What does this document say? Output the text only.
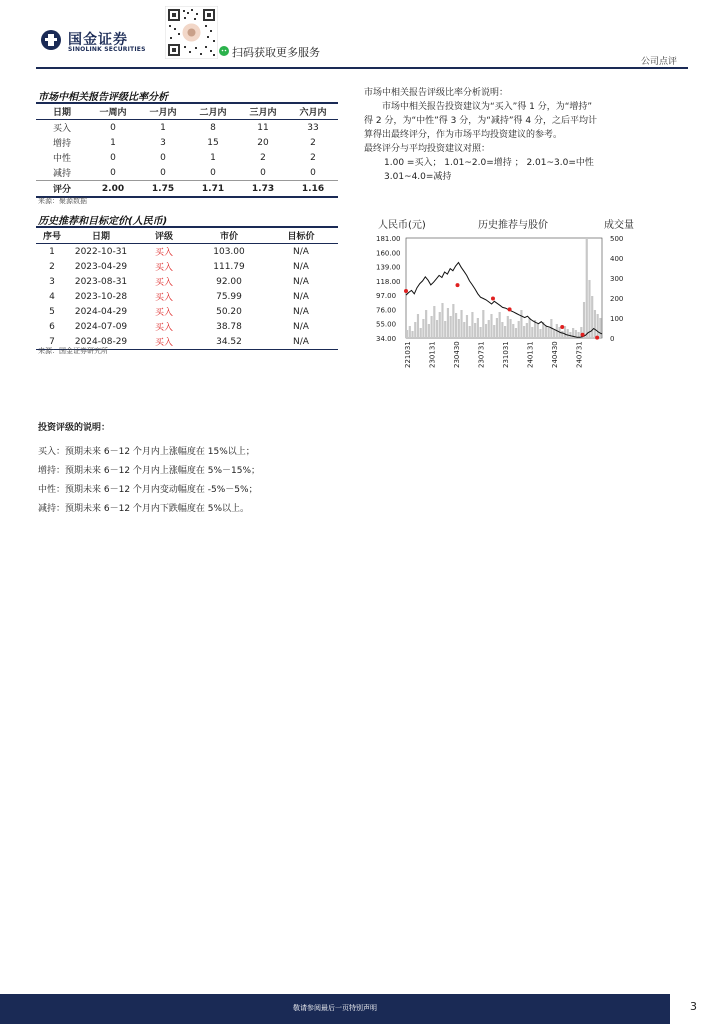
国金证券
SINOLINK SECURITIES	扫码获取更多服务
公司点评
市场中相关报告评级比率分析
日期	一周内	一月内	二月内	三月内	六月内
买入	0	1	8	11	33
增持	1	3	15	20	2
中性	0	0	1	2	2
减持	0	0	0	0	0
评分	2.00	1.75	1.71	1.73	1.16
来源：聚源数据
市场中相关报告评级比率分析说明：
市场中相关报告投资建议为“买入”得 1 分，为“增持”
得 2 分，为“中性”得 3 分，为“减持”得 4 分，之后平均计
算得出最终评分，作为市场平均投资建议的参考。
最终评分与平均投资建议对照：
1.00 =买入； 1.01~2.0=增持 ； 2.01~3.0=中性
3.01~4.0=减持
历史推荐和目标定价(人民币)
序号	日期	评级	市价	目标价
1	2022-10-31	买入	103.00	N/A
2	2023-04-29	买入	111.79	N/A
3	2023-08-31	买入	92.00	N/A
4	2023-10-28	买入	75.99	N/A
5	2024-04-29	买入	50.20	N/A
6	2024-07-09	买入	38.78	N/A
7	2024-08-29	买入	34.52	N/A
来源：国金证券研究所
人民币(元)	历史推荐与股价	成交量
181.00
160.00
139.00
118.00
97.00
76.00
55.00
34.00
500
400
300
200
100
0
221031 230131 230430 230731 231031 240131 240430 240731
投资评级的说明：
买入：预期未来 6－12 个月内上涨幅度在 15%以上；
增持：预期未来 6－12 个月内上涨幅度在 5%－15%；
中性：预期未来 6－12 个月内变动幅度在 -5%－5%；
减持：预期未来 6－12 个月内下跌幅度在 5%以上。
敬请参阅最后一页特别声明	3
